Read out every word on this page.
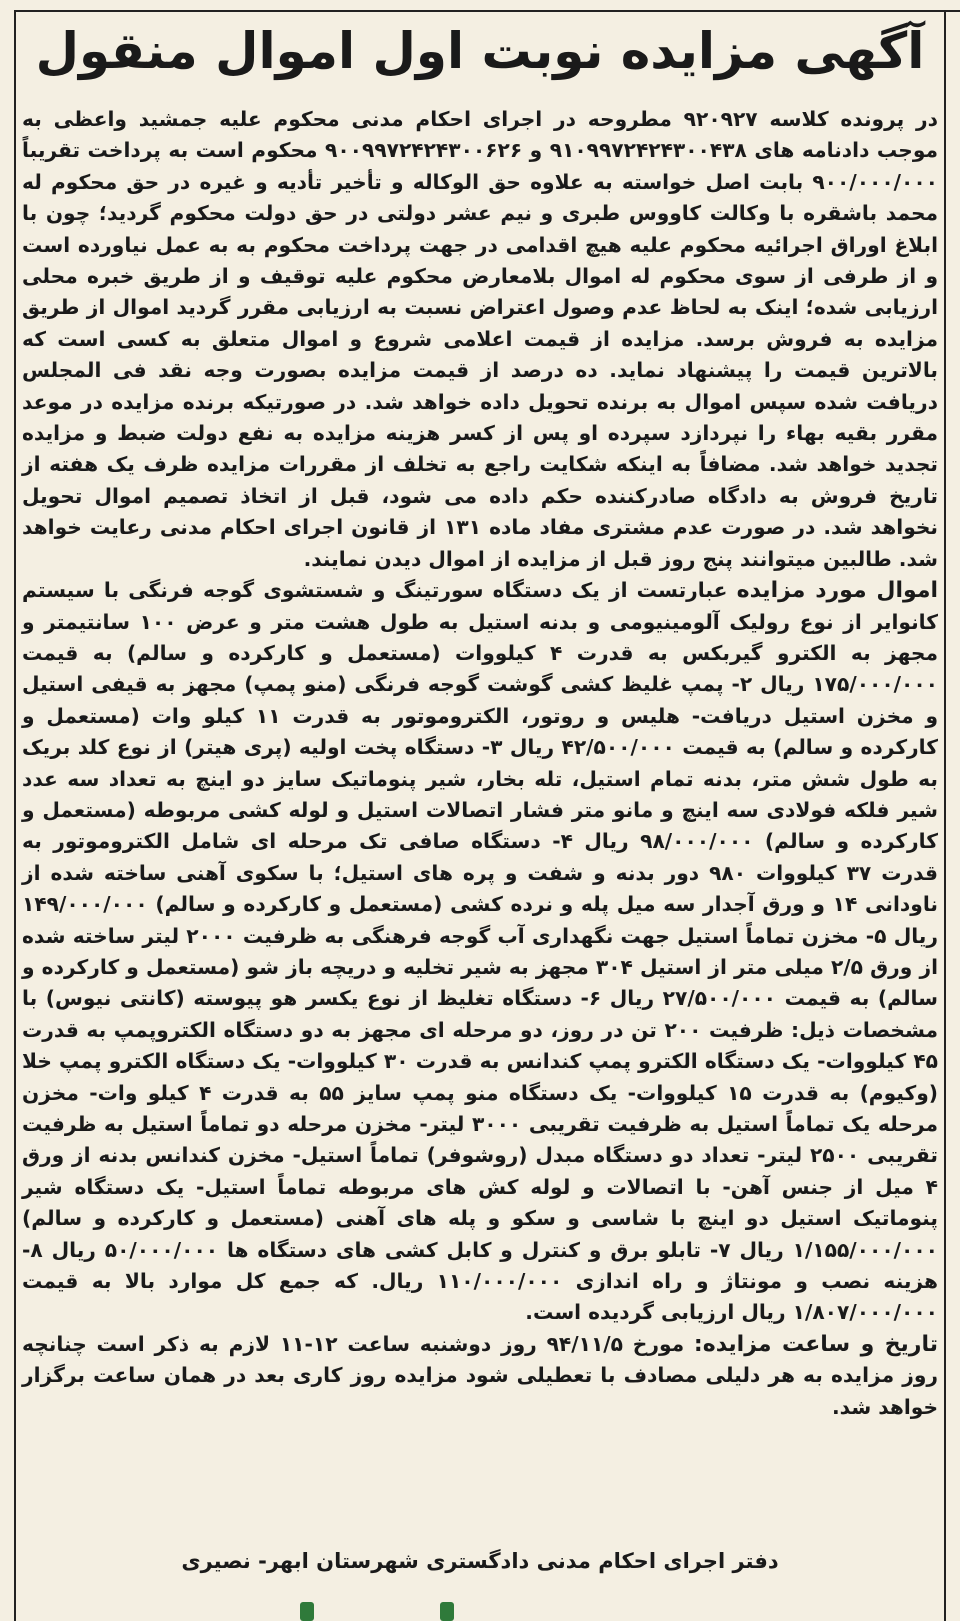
آگهی مزایده نوبت اول اموال منقول

در پرونده کلاسه ۹۲۰۹۲۷ مطروحه در اجرای احکام مدنی محکوم علیه جمشید واعظی به موجب دادنامه های ۹۱۰۹۹۷۲۴۲۴۳۰۰۴۳۸ و ۹۰۰۹۹۷۲۴۲۴۳۰۰۶۲۶ محکوم است به پرداخت تقریباً ۹۰۰/۰۰۰/۰۰۰ بابت اصل خواسته به علاوه حق الوکاله و تأخیر تأدیه و غیره در حق محکوم له محمد باشقره با وکالت کاووس طبری و نیم عشر دولتی در حق دولت محکوم گردید؛ چون با ابلاغ اوراق اجرائیه محکوم علیه هیچ اقدامی در جهت پرداخت محکوم به به عمل نیاورده است و از طرفی از سوی محکوم له اموال بلامعارض محکوم علیه توقیف و از طریق خبره محلی ارزیابی شده؛ اینک به لحاظ عدم وصول اعتراض نسبت به ارزیابی مقرر گردید اموال از طریق مزایده به فروش برسد. مزایده از قیمت اعلامی شروع و اموال متعلق به کسی است که بالاترین قیمت را پیشنهاد نماید. ده درصد از قیمت مزایده بصورت وجه نقد فی المجلس دریافت شده سپس اموال به برنده تحویل داده خواهد شد. در صورتیکه برنده مزایده در موعد مقرر بقیه بهاء را نپردازد سپرده او پس از کسر هزینه مزایده به نفع دولت ضبط و مزایده تجدید خواهد شد. مضافاً به اینکه شکایت راجع به تخلف از مقررات مزایده ظرف یک هفته از تاریخ فروش به دادگاه صادرکننده حکم داده می شود، قبل از اتخاذ تصمیم اموال تحویل نخواهد شد. در صورت عدم مشتری مفاد ماده ۱۳۱ از قانون اجرای احکام مدنی رعایت خواهد شد. طالبین میتوانند پنج روز قبل از مزایده از اموال دیدن نمایند.

اموال مورد مزایده عبارتست از یک دستگاه سورتینگ و شستشوی گوجه فرنگی با سیستم کانوایر از نوع رولیک آلومینیومی و بدنه استیل به طول هشت متر و عرض ۱۰۰ سانتیمتر و مجهز به الکترو گیربکس به قدرت ۴ کیلووات (مستعمل و کارکرده و سالم) به قیمت ۱۷۵/۰۰۰/۰۰۰ ریال ۲- پمپ غلیظ کشی گوشت گوجه فرنگی (منو پمپ) مجهز به قیفی استیل و مخزن استیل دریافت- هلیس و روتور، الکتروموتور به قدرت ۱۱ کیلو وات (مستعمل و کارکرده و سالم) به قیمت ۴۲/۵۰۰/۰۰۰ ریال ۳- دستگاه پخت اولیه (پری هیتر) از نوع کلد بریک به طول شش متر، بدنه تمام استیل، تله بخار، شیر پنوماتیک سایز دو اینچ به تعداد سه عدد شیر فلکه فولادی سه اینچ و مانو متر فشار اتصالات استیل و لوله کشی مربوطه (مستعمل و کارکرده و سالم) ۹۸/۰۰۰/۰۰۰ ریال ۴- دستگاه صافی تک مرحله ای شامل الکتروموتور به قدرت ۳۷ کیلووات ۹۸۰ دور بدنه و شفت و پره های استیل؛ با سکوی آهنی ساخته شده از ناودانی ۱۴ و ورق آجدار سه میل پله و نرده کشی (مستعمل و کارکرده و سالم) ۱۴۹/۰۰۰/۰۰۰ ریال ۵- مخزن تماماً استیل جهت نگهداری آب گوجه فرهنگی به ظرفیت ۲۰۰۰ لیتر ساخته شده از ورق ۲/۵ میلی متر از استیل ۳۰۴ مجهز به شیر تخلیه و دریچه باز شو (مستعمل و کارکرده و سالم) به قیمت ۲۷/۵۰۰/۰۰۰ ریال ۶- دستگاه تغلیظ از نوع یکسر هو پیوسته (کانتی نیوس) با مشخصات ذیل: ظرفیت ۲۰۰ تن در روز، دو مرحله ای مجهز به دو دستگاه الکتروپمپ به قدرت ۴۵ کیلووات- یک دستگاه الکترو پمپ کندانس به قدرت ۳۰ کیلووات- یک دستگاه الکترو پمپ خلا (وکیوم) به قدرت ۱۵ کیلووات- یک دستگاه منو پمپ سایز ۵۵ به قدرت ۴ کیلو وات- مخزن مرحله یک تماماً استیل به ظرفیت تقریبی ۳۰۰۰ لیتر- مخزن مرحله دو تماماً استیل به ظرفیت تقریبی ۲۵۰۰ لیتر- تعداد دو دستگاه مبدل (روشوفر) تماماً استیل- مخزن کندانس بدنه از ورق ۴ میل از جنس آهن- با اتصالات و لوله کش های مربوطه تماماً استیل- یک دستگاه شیر پنوماتیک استیل دو اینچ با شاسی و سکو و پله های آهنی (مستعمل و کارکرده و سالم) ۱/۱۵۵/۰۰۰/۰۰۰ ریال ۷- تابلو برق و کنترل و کابل کشی های دستگاه ها ۵۰/۰۰۰/۰۰۰ ریال ۸- هزینه نصب و مونتاژ و راه اندازی ۱۱۰/۰۰۰/۰۰۰ ریال. که جمع کل موارد بالا به قیمت ۱/۸۰۷/۰۰۰/۰۰۰ ریال ارزیابی گردیده است.

تاریخ و ساعت مزایده: مورخ ۹۴/۱۱/۵ روز دوشنبه ساعت ۱۲-۱۱ لازم به ذکر است چنانچه روز مزایده به هر دلیلی مصادف با تعطیلی شود مزایده روز کاری بعد در همان ساعت برگزار خواهد شد.

دفتر اجرای احکام مدنی دادگستری شهرستان ابهر- نصیری
